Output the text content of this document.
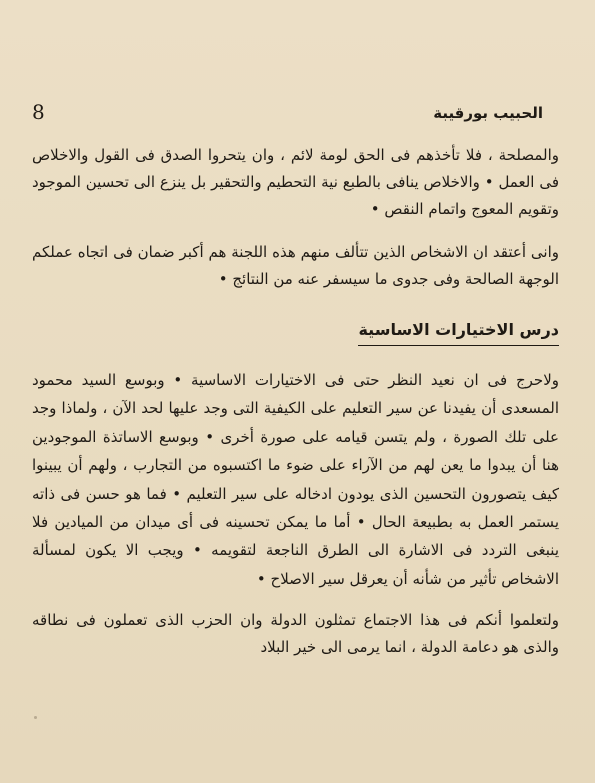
8	الحبيب بورقيبة

والمصلحة ، فلا تأخذهم فى الحق لومة لائم ، وان يتحروا الصدق فى القول والاخلاص فى العمل • والاخلاص ينافى بالطبع نية التحطيم والتحقير بل ينزع الى تحسين الموجود وتقويم المعوج واتمام النقص •

وانى أعتقد ان الاشخاص الذين تتألف منهم هذه اللجنة هم أكبر ضمان فى اتجاه عملكم الوجهة الصالحة وفى جدوى ما سيسفر عنه من النتائج •

درس الاختيارات الاساسية

ولاحرج فى ان نعيد النظر حتى فى الاختيارات الاساسية • وبوسع السيد محمود المسعدى أن يفيدنا عن سير التعليم على الكيفية التى وجد عليها لحد الآن ، ولماذا وجد على تلك الصورة ، ولم يتسن قيامه على صورة أخرى • وبوسع الاساتذة الموجودين هنا أن يبدوا ما يعن لهم من الآراء على ضوء ما اكتسبوه من التجارب ، ولهم أن يبينوا كيف يتصورون التحسين الذى يودون ادخاله على سير التعليم • فما هو حسن فى ذاته يستمر العمل به بطبيعة الحال • أما ما يمكن تحسينه فى أى ميدان من الميادين فلا ينبغى التردد فى الاشارة الى الطرق الناجعة لتقويمه • ويجب الا يكون لمسألة الاشخاص تأثير من شأنه أن يعرقل سير الاصلاح •

ولتعلموا أنكم فى هذا الاجتماع تمثلون الدولة وان الحزب الذى تعملون فى نطاقه والذى هو دعامة الدولة ، انما يرمى الى خير البلاد
